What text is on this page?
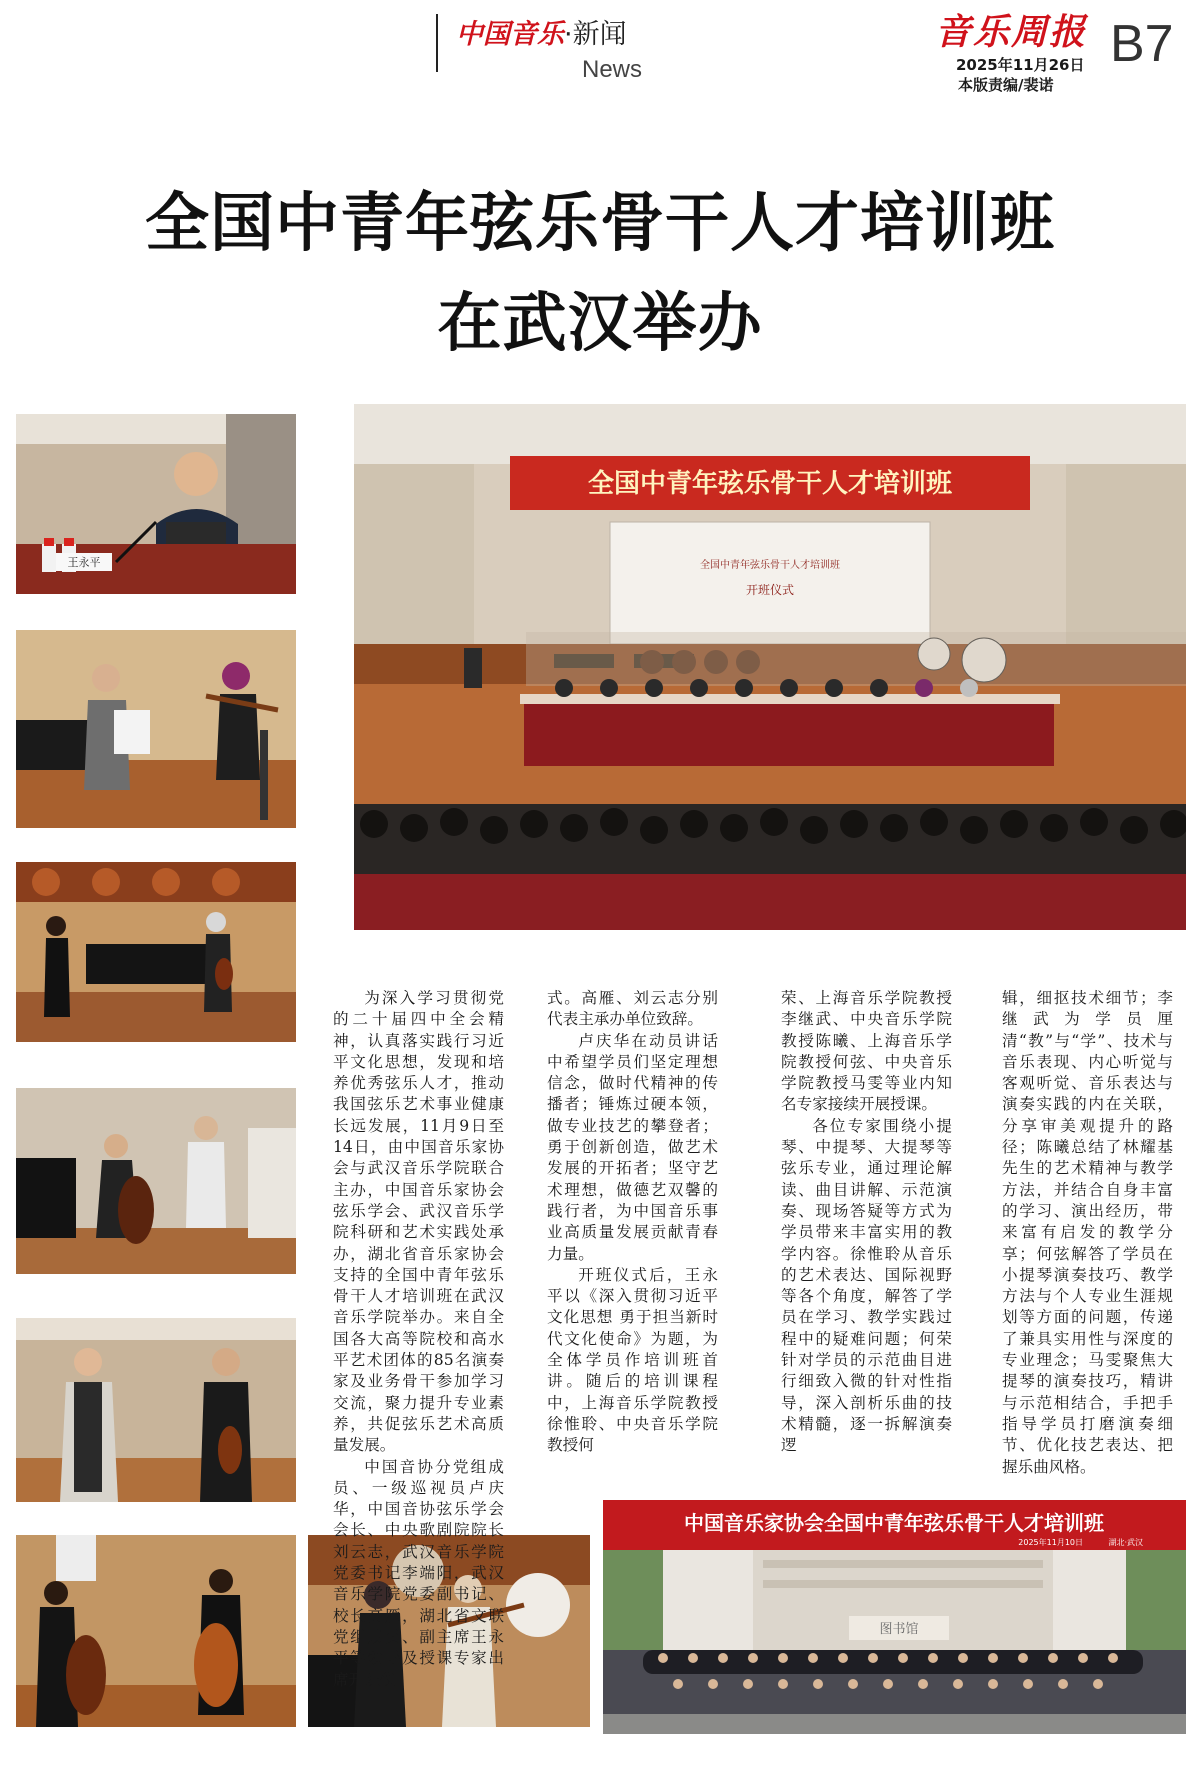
中国音乐·新闻
News
音乐周报
2025年11月26日
本版责编/裴诺
B7
全国中青年弦乐骨干人才培训班
在武汉举办
王永平
全国中青年弦乐骨干人才培训班
全国中青年弦乐骨干人才培训班
开班仪式
中国音乐家协会全国中青年弦乐骨干人才培训班
2025年11月10日	湖北·武汉
图书馆

为深入学习贯彻党的二十届四中全会精神，认真落实践行习近平文化思想，发现和培养优秀弦乐人才，推动我国弦乐艺术事业健康长远发展，11月9日至14日，由中国音乐家协会与武汉音乐学院联合主办，中国音乐家协会弦乐学会、武汉音乐学院科研和艺术实践处承办，湖北省音乐家协会支持的全国中青年弦乐骨干人才培训班在武汉音乐学院举办。来自全国各大高等院校和高水平艺术团体的85名演奏家及业务骨干参加学习交流，聚力提升专业素养，共促弦乐艺术高质量发展。

中国音协分党组成员、一级巡视员卢庆华，中国音协弦乐学会会长、中央歌剧院院长刘云志，武汉音乐学院党委书记李端阳，武汉音乐学院党委副书记、校长高雁，湖北省文联党组成员、副主席王永平等领导及授课专家出席开班仪

式。高雁、刘云志分别代表主承办单位致辞。

卢庆华在动员讲话中希望学员们坚定理想信念，做时代精神的传播者；锤炼过硬本领，做专业技艺的攀登者；勇于创新创造，做艺术发展的开拓者；坚守艺术理想，做德艺双馨的践行者，为中国音乐事业高质量发展贡献青春力量。

开班仪式后，王永平以《深入贯彻习近平文化思想 勇于担当新时代文化使命》为题，为全体学员作培训班首讲。随后的培训课程中，上海音乐学院教授徐惟聆、中央音乐学院教授何

荣、上海音乐学院教授李继武、中央音乐学院教授陈曦、上海音乐学院教授何弦、中央音乐学院教授马雯等业内知名专家接续开展授课。

各位专家围绕小提琴、中提琴、大提琴等弦乐专业，通过理论解读、曲目讲解、示范演奏、现场答疑等方式为学员带来丰富实用的教学内容。徐惟聆从音乐的艺术表达、国际视野等各个角度，解答了学员在学习、教学实践过程中的疑难问题；何荣针对学员的示范曲目进行细致入微的针对性指导，深入剖析乐曲的技术精髓，逐一拆解演奏逻

辑，细抠技术细节；李继武为学员厘清“教”与“学”、技术与音乐表现、内心听觉与客观听觉、音乐表达与演奏实践的内在关联，分享审美观提升的路径；陈曦总结了林耀基先生的艺术精神与教学方法，并结合自身丰富的学习、演出经历，带来富有启发的教学分享；何弦解答了学员在小提琴演奏技巧、教学方法与个人专业生涯规划等方面的问题，传递了兼具实用性与深度的专业理念；马雯聚焦大提琴的演奏技巧，精讲与示范相结合，手把手指导学员打磨演奏细节、优化技艺表达、把握乐曲风格。
